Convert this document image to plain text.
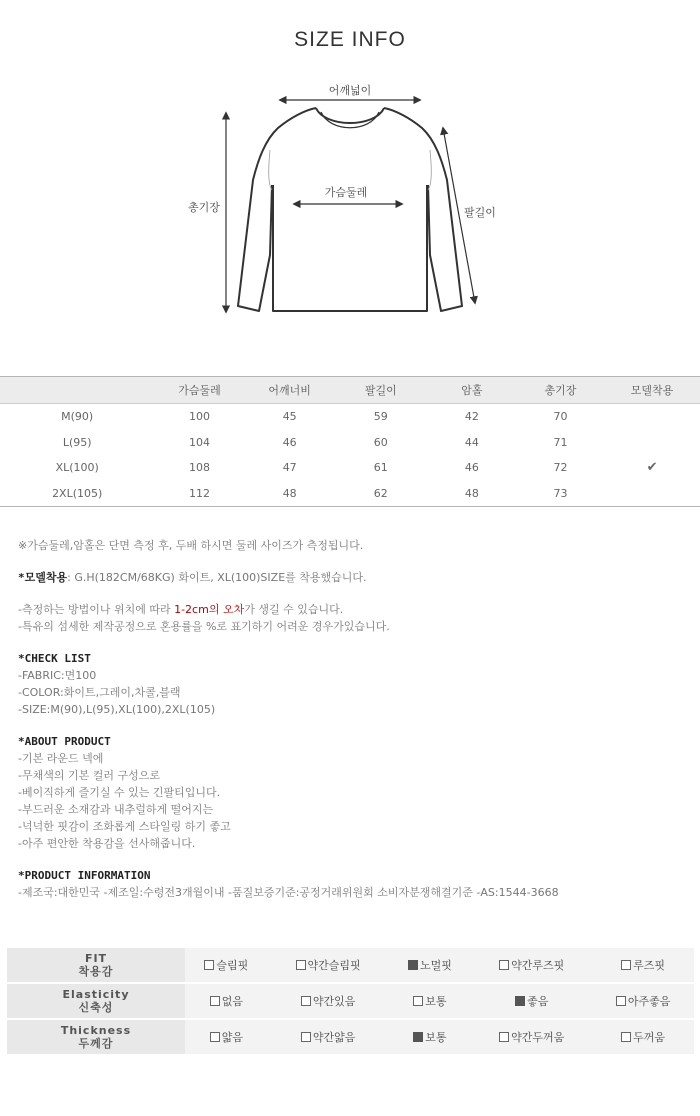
SIZE INFO
어깨넓이
가슴둘레
총기장	팔길이
	가슴둘레	어깨너비	팔길이	암홀	총기장	모델착용
M(90)	100	45	59	42	70	
L(95)	104	46	60	44	71	
XL(100)	108	47	61	46	72	✔
2XL(105)	112	48	62	48	73	
※가슴둘레,암홀은 단면 측정 후, 두배 하시면 둘레 사이즈가 측정됩니다.
*모델착용: G.H(182CM/68KG) 화이트, XL(100)SIZE를 착용했습니다.
-측정하는 방법이나 위치에 따라 1-2cm의 오차가 생길 수 있습니다.
-특유의 섬세한 제작공정으로 혼용률을 %로 표기하기 어려운 경우가있습니다.
*CHECK LIST
-FABRIC:면100
-COLOR:화이트,그레이,차콜,블랙
-SIZE:M(90),L(95),XL(100),2XL(105)
*ABOUT PRODUCT
-기본 라운드 넥에
-무채색의 기본 컬러 구성으로
-베이직하게 즐기실 수 있는 긴팔티입니다.
-부드러운 소재감과 내추럴하게 떨어지는
-넉넉한 핏감이 조화롭게 스타일링 하기 좋고
-아주 편안한 착용감을 선사해줍니다.
*PRODUCT INFORMATION
-제조국:대한민국 -제조일:수령전3개월이내 -품질보증기준:공정거래위원회 소비자분쟁해결기준 -AS:1544-3668
FIT
착용감	슬림핏	약간슬림핏	노멀핏	약간루즈핏	루즈핏

Elasticity
신축성	없음	약간있음	보통	좋음	아주좋음

Thickness
두께감	얇음	약간얇음	보통	약간두꺼움	두꺼움
